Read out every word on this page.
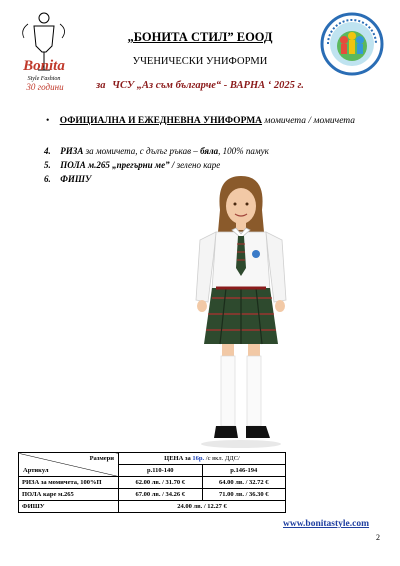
Bonita
Style Fashion
30 години
„БОНИТА СТИЛ” ЕООД
УЧЕНИЧЕСКИ УНИФОРМИ
за ЧСУ „Аз съм българче“ - ВАРНА ‘ 2025 г.
• ОФИЦИАЛНА И ЕЖЕДНЕВНА УНИФОРМА момичета / момичета
4. РИЗА за момичета, с дълъг ръкав – бяла, 100% памук
5. ПОЛА м.265 „прегърни ме” / зелено каре
6. ФИШУ
Размери
Артикул	ЦЕНА за 16р. /с вкл. ДДС/	
	р.110-140	р.146-194
РИЗА за момичета, 100%П	62.00 лв. / 31.70 €	64.00 лв. / 32.72 €
ПОЛА каре м.265	67.00 лв. / 34.26 €	71.00 лв. / 36.30 €
ФИШУ	24.00 лв. / 12.27 €	
www.bonitastyle.com
2
